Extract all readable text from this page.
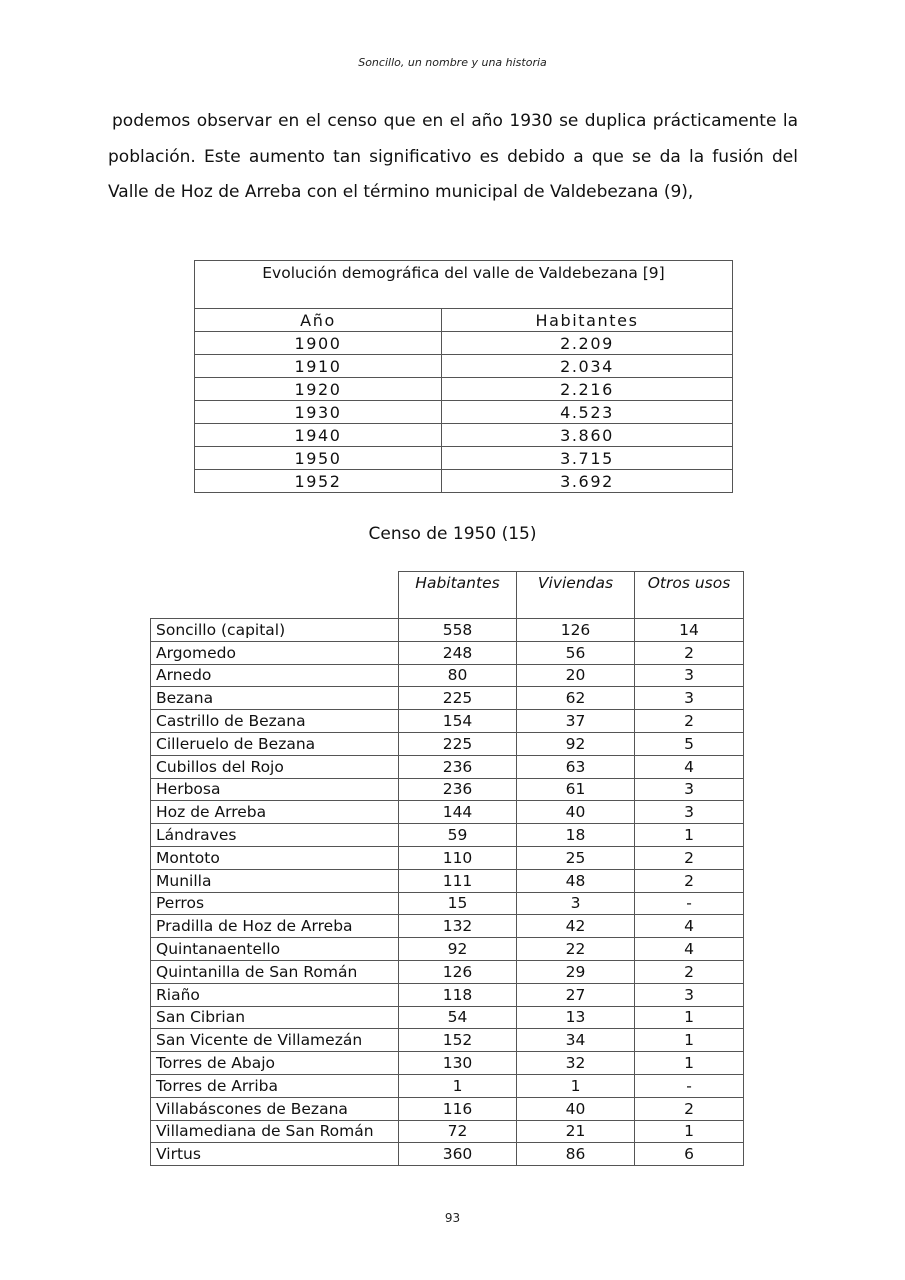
Soncillo, un nombre y una historia

podemos observar en el censo que en el año 1930 se duplica prácticamente la población. Este aumento tan significativo es debido a que se da la fusión del Valle de Hoz de Arreba con el término municipal de Valdebezana (9),

Evolución demográfica del valle de Valdebezana [9]	
Año	Habitantes
1900	2.209
1910	2.034
1920	2.216
1930	4.523
1940	3.860
1950	3.715
1952	3.692
Censo de 1950 (15)
	Habitantes	Viviendas	Otros usos
Soncillo (capital)	558	126	14
Argomedo	248	56	2
Arnedo	80	20	3
Bezana	225	62	3
Castrillo de Bezana	154	37	2
Cilleruelo de Bezana	225	92	5
Cubillos del Rojo	236	63	4
Herbosa	236	61	3
Hoz de Arreba	144	40	3
Lándraves	59	18	1
Montoto	110	25	2
Munilla	111	48	2
Perros	15	3	-
Pradilla de Hoz de Arreba	132	42	4
Quintanaentello	92	22	4
Quintanilla de San Román	126	29	2
Riaño	118	27	3
San Cibrian	54	13	1
San Vicente de Villamezán	152	34	1
Torres de Abajo	130	32	1
Torres de Arriba	1	1	-
Villabáscones de Bezana	116	40	2
Villamediana de San Román	72	21	1
Virtus	360	86	6
93
